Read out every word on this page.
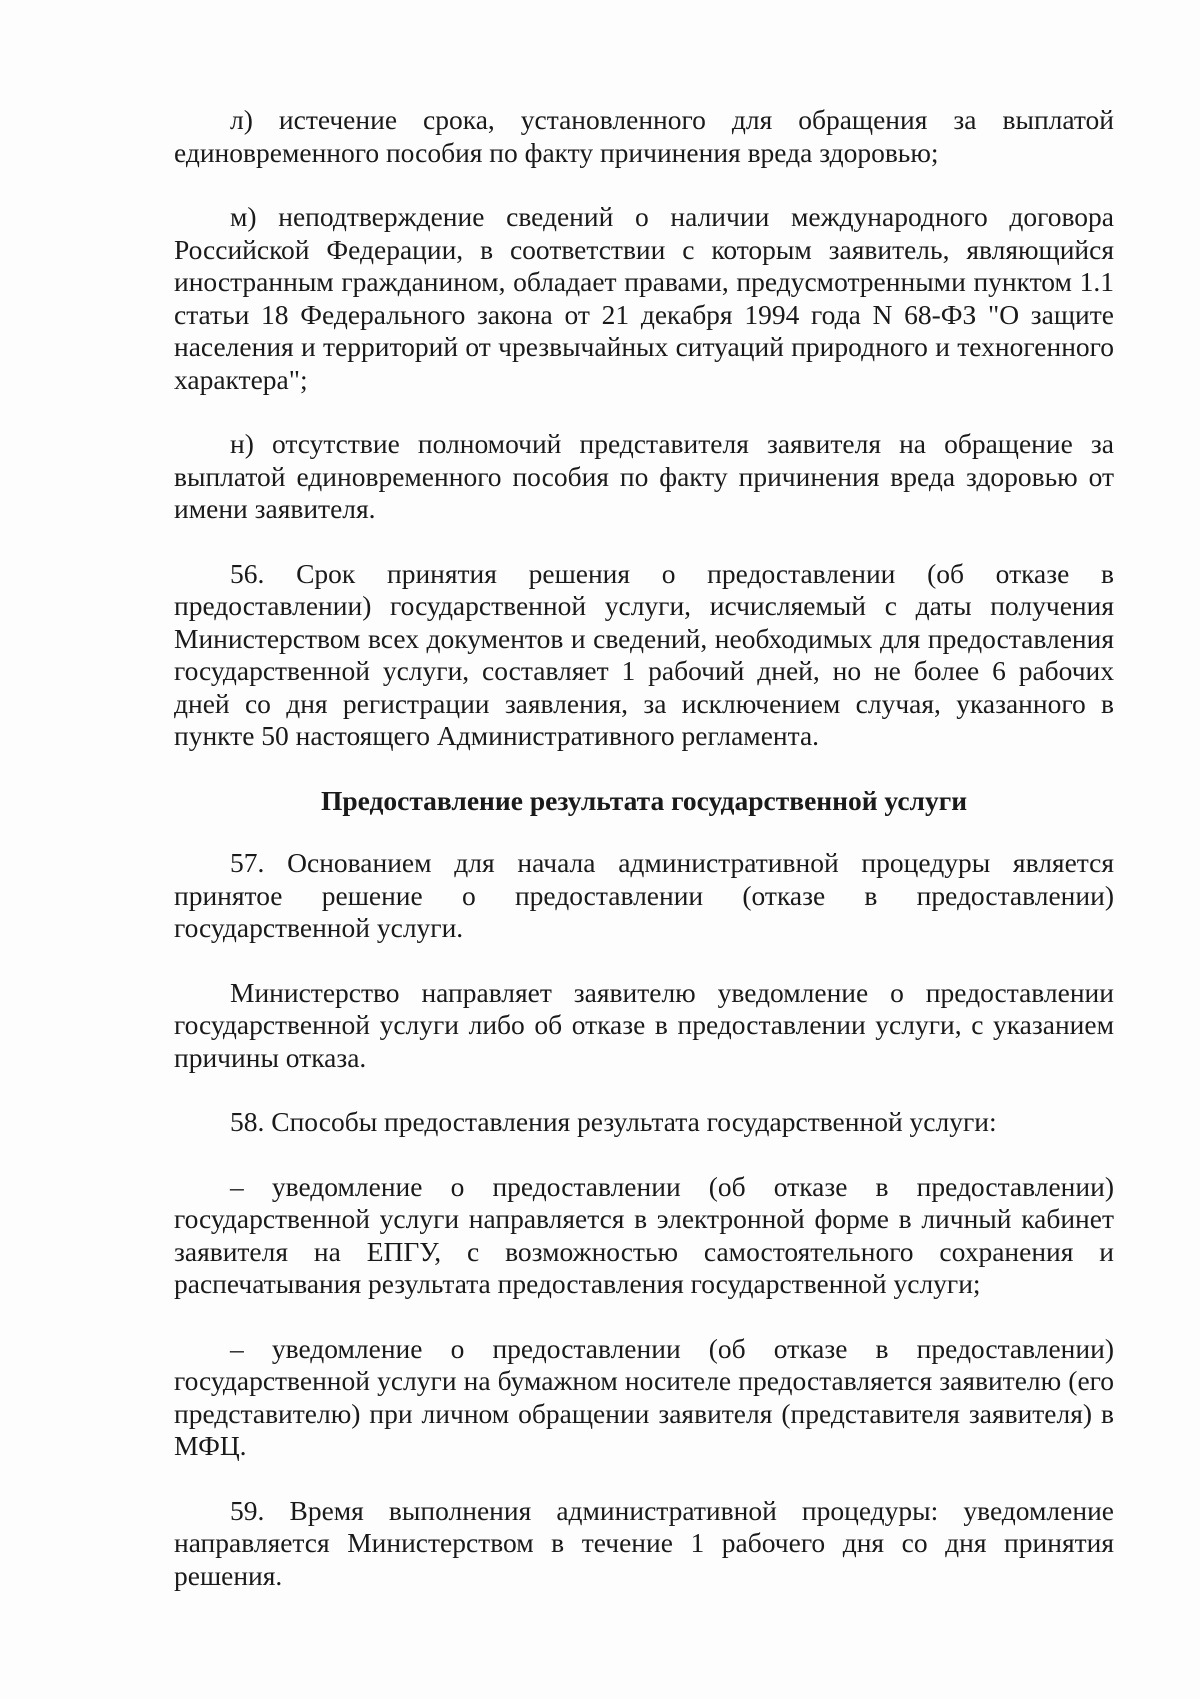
л) истечение срока, установленного для обращения за выплатой единовременного пособия по факту причинения вреда здоровью;

м) неподтверждение сведений о наличии международного договора Российской Федерации, в соответствии с которым заявитель, являющийся иностранным гражданином, обладает правами, предусмотренными пунктом 1.1 статьи 18 Федерального закона от 21 декабря 1994 года N 68-ФЗ "О защите населения и территорий от чрезвычайных ситуаций природного и техногенного характера";

н) отсутствие полномочий представителя заявителя на обращение за выплатой единовременного пособия по факту причинения вреда здоровью от имени заявителя.

56. Срок принятия решения о предоставлении (об отказе в предоставлении) государственной услуги, исчисляемый с даты получения Министерством всех документов и сведений, необходимых для предоставления государственной услуги, составляет 1 рабочий дней, но не более 6 рабочих дней со дня регистрации заявления, за исключением случая, указанного в пункте 50 настоящего Административного регламента.

Предоставление результата государственной услуги

57. Основанием для начала административной процедуры является принятое решение о предоставлении (отказе в предоставлении) государственной услуги.

Министерство направляет заявителю уведомление о предоставлении государственной услуги либо об отказе в предоставлении услуги, с указанием причины отказа.

58. Способы предоставления результата государственной услуги:

– уведомление о предоставлении (об отказе в предоставлении) государственной услуги направляется в электронной форме в личный кабинет заявителя на ЕПГУ, с возможностью самостоятельного сохранения и распечатывания результата предоставления государственной услуги;

– уведомление о предоставлении (об отказе в предоставлении) государственной услуги на бумажном носителе предоставляется заявителю (его представителю) при личном обращении заявителя (представителя заявителя) в МФЦ.

59. Время выполнения административной процедуры: уведомление направляется Министерством в течение 1 рабочего дня со дня принятия решения.
